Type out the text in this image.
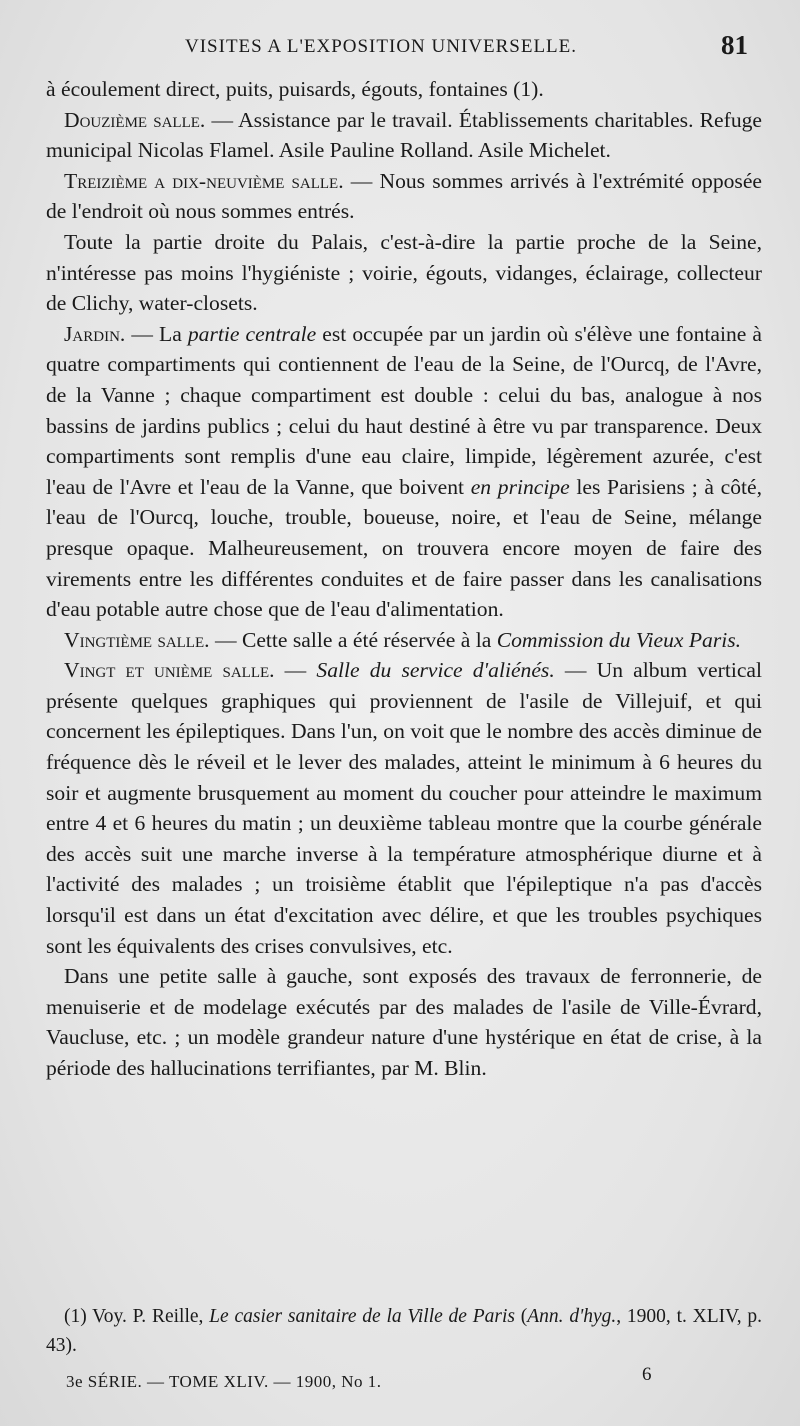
VISITES A L'EXPOSITION UNIVERSELLE.	81

à écoulement direct, puits, puisards, égouts, fontaines (1).

Douzième salle. — Assistance par le travail. Établissements charitables. Refuge municipal Nicolas Flamel. Asile Pauline Rolland. Asile Michelet.

Treizième a dix-neuvième salle. — Nous sommes arrivés à l'extrémité opposée de l'endroit où nous sommes entrés.

Toute la partie droite du Palais, c'est-à-dire la partie proche de la Seine, n'intéresse pas moins l'hygiéniste ; voirie, égouts, vidanges, éclairage, collecteur de Clichy, water-closets.

Jardin. — La partie centrale est occupée par un jardin où s'élève une fontaine à quatre compartiments qui contiennent de l'eau de la Seine, de l'Ourcq, de l'Avre, de la Vanne ; chaque compartiment est double : celui du bas, analogue à nos bassins de jardins publics ; celui du haut destiné à être vu par transparence. Deux compartiments sont remplis d'une eau claire, limpide, légèrement azurée, c'est l'eau de l'Avre et l'eau de la Vanne, que boivent en principe les Parisiens ; à côté, l'eau de l'Ourcq, louche, trouble, boueuse, noire, et l'eau de Seine, mélange presque opaque. Malheureusement, on trouvera encore moyen de faire des virements entre les différentes conduites et de faire passer dans les canalisations d'eau potable autre chose que de l'eau d'alimentation.

Vingtième salle. — Cette salle a été réservée à la Commission du Vieux Paris.

Vingt et unième salle. — Salle du service d'aliénés. — Un album vertical présente quelques graphiques qui proviennent de l'asile de Villejuif, et qui concernent les épileptiques. Dans l'un, on voit que le nombre des accès diminue de fréquence dès le réveil et le lever des malades, atteint le minimum à 6 heures du soir et augmente brusquement au moment du coucher pour atteindre le maximum entre 4 et 6 heures du matin ; un deuxième tableau montre que la courbe générale des accès suit une marche inverse à la température atmosphérique diurne et à l'activité des malades ; un troisième établit que l'épileptique n'a pas d'accès lorsqu'il est dans un état d'excitation avec délire, et que les troubles psychiques sont les équivalents des crises convulsives, etc.

Dans une petite salle à gauche, sont exposés des travaux de ferronnerie, de menuiserie et de modelage exécutés par des malades de l'asile de Ville-Évrard, Vaucluse, etc. ; un modèle grandeur nature d'une hystérique en état de crise, à la période des hallucinations terrifiantes, par M. Blin.

(1) Voy. P. Reille, Le casier sanitaire de la Ville de Paris (Ann. d'hyg., 1900, t. XLIV, p. 43).

3e SÉRIE. — TOME XLIV. — 1900, No 1.	6
